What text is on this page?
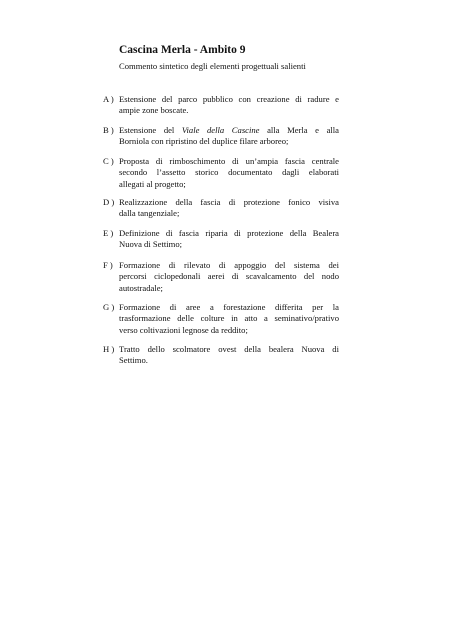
Cascina Merla - Ambito 9
Commento sintetico degli elementi progettuali salienti
A ) Estensione del parco pubblico con creazione di radure e
ampie zone boscate.
B ) Estensione del Viale della Cascine alla Merla e alla
Borniola con ripristino del duplice filare arboreo;
C ) Proposta di rimboschimento di un’ampia fascia centrale
secondo l’assetto storico documentato dagli elaborati
allegati al progetto;
D ) Realizzazione della fascia di protezione fonico visiva
dalla tangenziale;
E ) Definizione di fascia riparia di protezione della Bealera
Nuova di Settimo;
F ) Formazione di rilevato di appoggio del sistema dei
percorsi ciclopedonali aerei di scavalcamento del nodo
autostradale;
G ) Formazione di aree a forestazione differita per la
trasformazione delle colture in atto a seminativo/prativo
verso coltivazioni legnose da reddito;
H ) Tratto dello scolmatore ovest della bealera Nuova di
Settimo.
